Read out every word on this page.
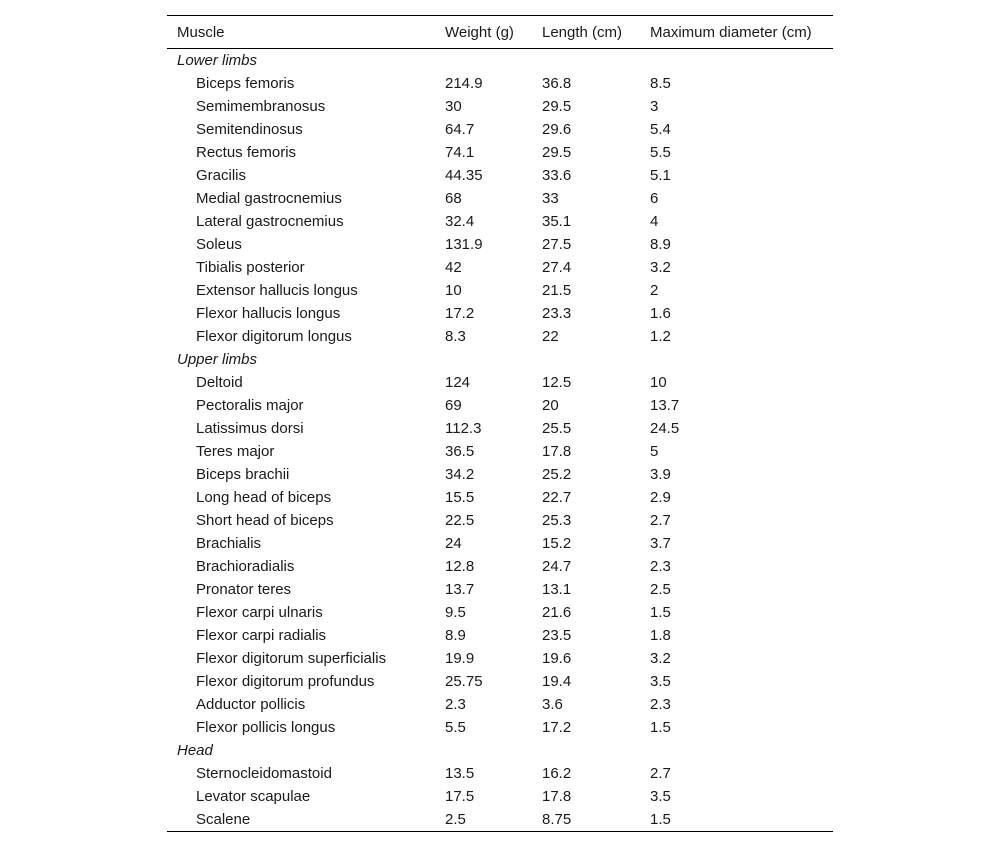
Muscle	Weight (g)	Length (cm)	Maximum diameter (cm)
Lower limbs			
Biceps femoris	214.9	36.8	8.5
Semimembranosus	30	29.5	3
Semitendinosus	64.7	29.6	5.4
Rectus femoris	74.1	29.5	5.5
Gracilis	44.35	33.6	5.1
Medial gastrocnemius	68	33	6
Lateral gastrocnemius	32.4	35.1	4
Soleus	131.9	27.5	8.9
Tibialis posterior	42	27.4	3.2
Extensor hallucis longus	10	21.5	2
Flexor hallucis longus	17.2	23.3	1.6
Flexor digitorum longus	8.3	22	1.2
Upper limbs			
Deltoid	124	12.5	10
Pectoralis major	69	20	13.7
Latissimus dorsi	112.3	25.5	24.5
Teres major	36.5	17.8	5
Biceps brachii	34.2	25.2	3.9
Long head of biceps	15.5	22.7	2.9
Short head of biceps	22.5	25.3	2.7
Brachialis	24	15.2	3.7
Brachioradialis	12.8	24.7	2.3
Pronator teres	13.7	13.1	2.5
Flexor carpi ulnaris	9.5	21.6	1.5
Flexor carpi radialis	8.9	23.5	1.8
Flexor digitorum superficialis	19.9	19.6	3.2
Flexor digitorum profundus	25.75	19.4	3.5
Adductor pollicis	2.3	3.6	2.3
Flexor pollicis longus	5.5	17.2	1.5
Head			
Sternocleidomastoid	13.5	16.2	2.7
Levator scapulae	17.5	17.8	3.5
Scalene	2.5	8.75	1.5
